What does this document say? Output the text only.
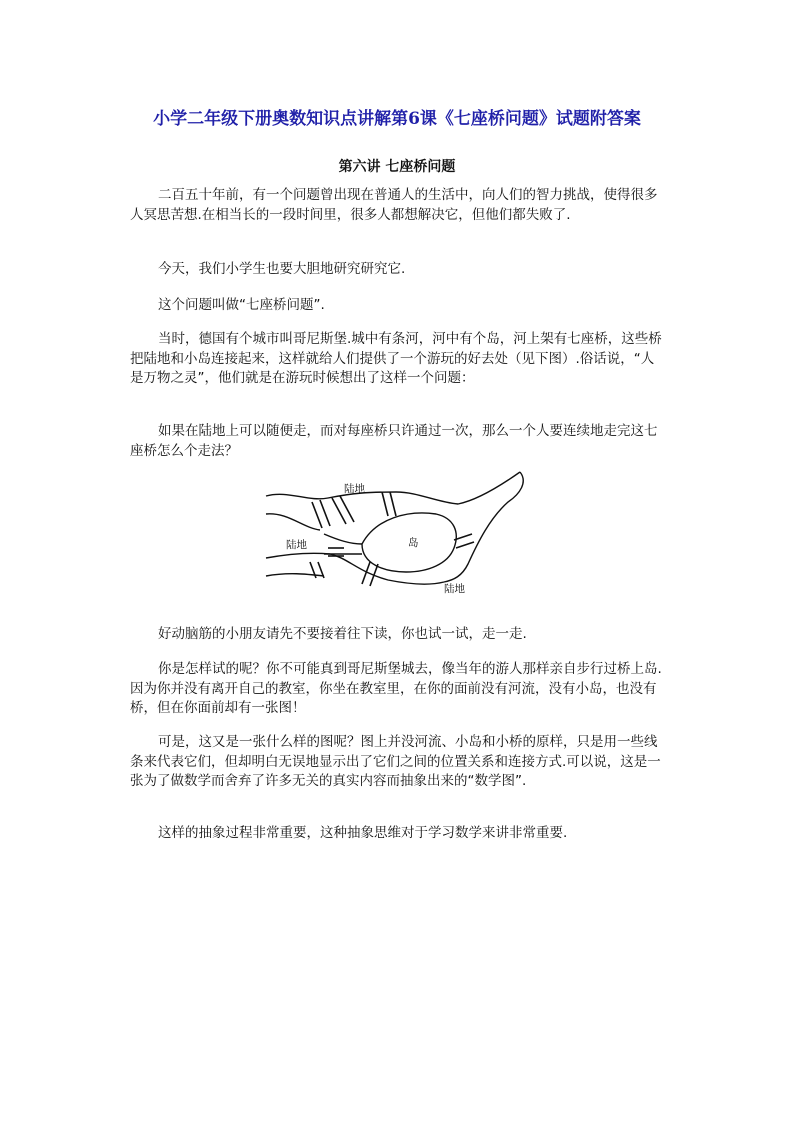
小学二年级下册奥数知识点讲解第6课《七座桥问题》试题附答案
第六讲 七座桥问题

二百五十年前，有一个问题曾出现在普通人的生活中，向人们的智力挑战，使得很多人冥思苦想.在相当长的一段时间里，很多人都想解决它，但他们都失败了.

今天，我们小学生也要大胆地研究研究它.

这个问题叫做“七座桥问题”.

当时，德国有个城市叫哥尼斯堡.城中有条河，河中有个岛，河上架有七座桥，这些桥把陆地和小岛连接起来，这样就给人们提供了一个游玩的好去处（见下图）.俗话说，“人是万物之灵”，他们就是在游玩时候想出了这样一个问题：

如果在陆地上可以随便走，而对每座桥只许通过一次，那么一个人要连续地走完这七座桥怎么个走法？

陆地
陆地	岛
陆地

好动脑筋的小朋友请先不要接着往下读，你也试一试，走一走.

你是怎样试的呢？你不可能真到哥尼斯堡城去，像当年的游人那样亲自步行过桥上岛.因为你并没有离开自己的教室，你坐在教室里，在你的面前没有河流，没有小岛，也没有桥，但在你面前却有一张图！

可是，这又是一张什么样的图呢？图上并没河流、小岛和小桥的原样，只是用一些线条来代表它们，但却明白无误地显示出了它们之间的位置关系和连接方式.可以说，这是一张为了做数学而舍弃了许多无关的真实内容而抽象出来的“数学图”.

这样的抽象过程非常重要，这种抽象思维对于学习数学来讲非常重要.
